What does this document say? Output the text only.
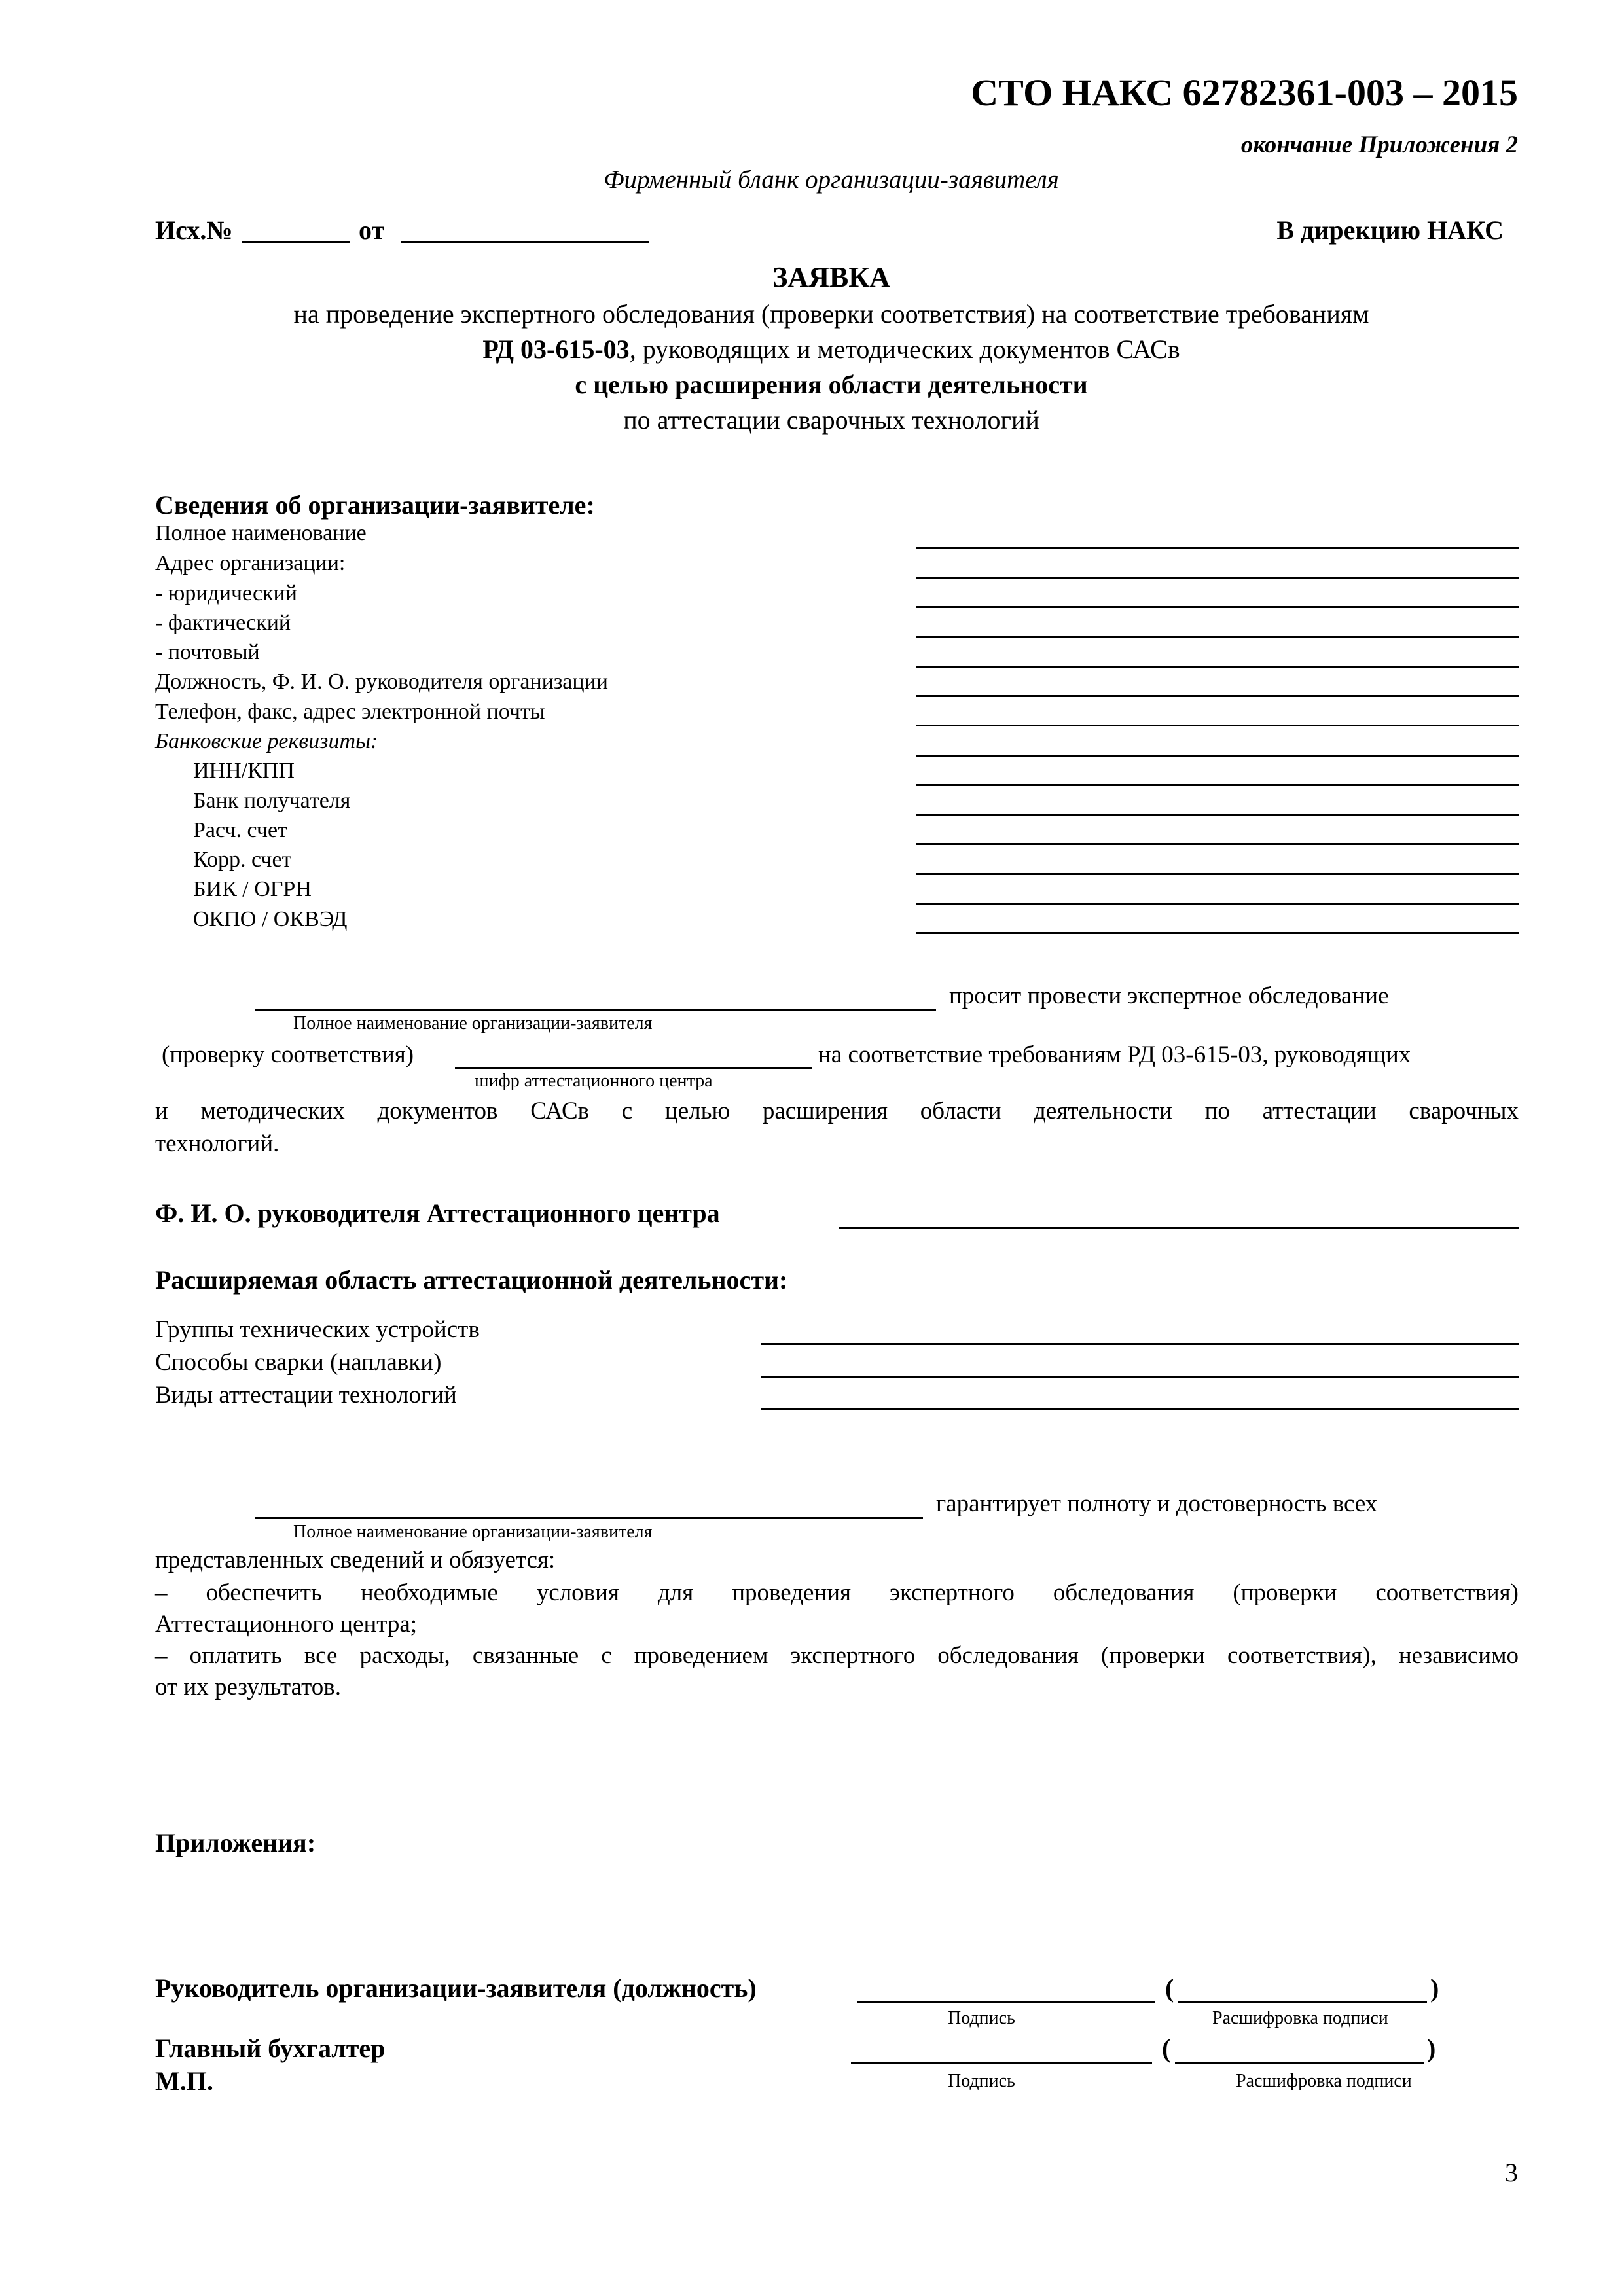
СТО НАКС 62782361-003 – 2015
окончание Приложения 2
Фирменный бланк организации-заявителя
Исх.№	от	В дирекцию НАКС
ЗАЯВКА
на проведение экспертного обследования (проверки соответствия) на соответствие требованиям
РД 03-615-03, руководящих и методических документов САСв
с целью расширения области деятельности
по аттестации сварочных технологий
Сведения об организации-заявителе:
Полное наименование
Адрес организации:
- юридический
- фактический
- почтовый
Должность, Ф. И. О. руководителя организации
Телефон, факс, адрес электронной почты
Банковские реквизиты:
ИНН/КПП
Банк получателя
Расч. счет
Корр. счет
БИК / ОГРН
ОКПО / ОКВЭД
просит провести экспертное обследование
Полное наименование организации-заявителя
(проверку соответствия)	на соответствие требованиям РД 03-615-03, руководящих
шифр аттестационного центра
и методических документов САСв с целью расширения области деятельности по аттестации сварочных
технологий.
Ф. И. О. руководителя Аттестационного центра
Расширяемая область аттестационной деятельности:
Группы технических устройств
Способы сварки (наплавки)
Виды аттестации технологий
гарантирует полноту и достоверность всех
Полное наименование организации-заявителя
представленных сведений и обязуется:
– обеспечить необходимые условия для проведения экспертного обследования (проверки соответствия)
Аттестационного центра;
– оплатить все расходы, связанные с проведением экспертного обследования (проверки соответствия), независимо
от их результатов.
Приложения:
Руководитель организации-заявителя (должность)	(	)
Подпись	Расшифровка подписи
Главный бухгалтер	(	)
М.П.	Подпись	Расшифровка подписи
3
